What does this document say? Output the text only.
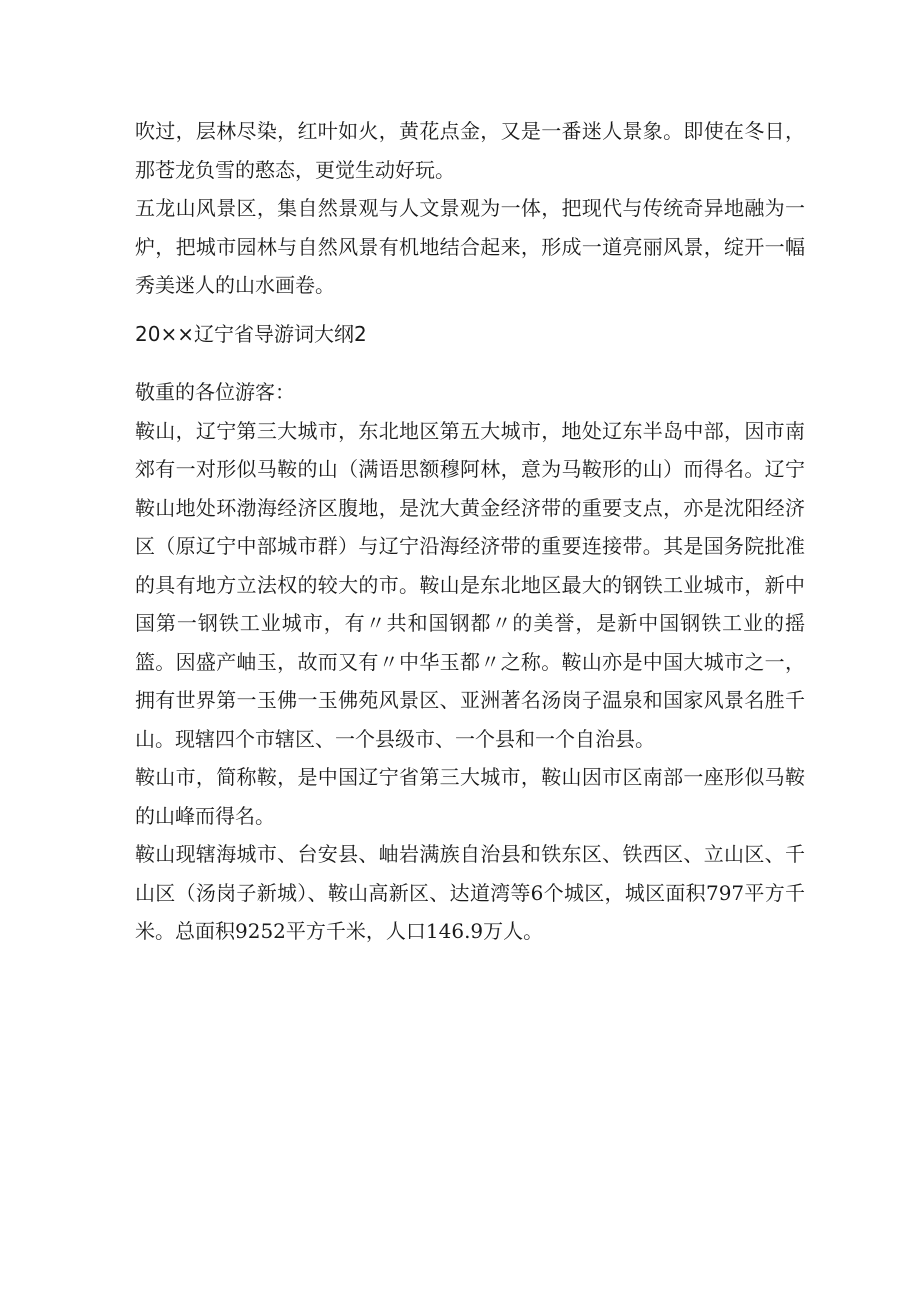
吹过，层林尽染，红叶如火，黄花点金，又是一番迷人景象。即使在冬日，那苍龙负雪的憨态，更觉生动好玩。

五龙山风景区，集自然景观与人文景观为一体，把现代与传统奇异地融为一炉，把城市园林与自然风景有机地结合起来，形成一道亮丽风景，绽开一幅秀美迷人的山水画卷。

20××辽宁省导游词大纲2

敬重的各位游客：

鞍山，辽宁第三大城市，东北地区第五大城市，地处辽东半岛中部，因市南郊有一对形似马鞍的山（满语思额穆阿林，意为马鞍形的山）而得名。辽宁鞍山地处环渤海经济区腹地，是沈大黄金经济带的重要支点，亦是沈阳经济区（原辽宁中部城市群）与辽宁沿海经济带的重要连接带。其是国务院批准的具有地方立法权的较大的市。鞍山是东北地区最大的钢铁工业城市，新中国第一钢铁工业城市，有〃共和国钢都〃的美誉，是新中国钢铁工业的摇篮。因盛产岫玉，故而又有〃中华玉都〃之称。鞍山亦是中国大城市之一，拥有世界第一玉佛一玉佛苑风景区、亚洲著名汤岗子温泉和国家风景名胜千山。现辖四个市辖区、一个县级市、一个县和一个自治县。

鞍山市，简称鞍，是中国辽宁省第三大城市，鞍山因市区南部一座形似马鞍的山峰而得名。

鞍山现辖海城市、台安县、岫岩满族自治县和铁东区、铁西区、立山区、千山区（汤岗子新城）、鞍山高新区、达道湾等6个城区，城区面积797平方千米。总面积9252平方千米，人口146.9万人。
